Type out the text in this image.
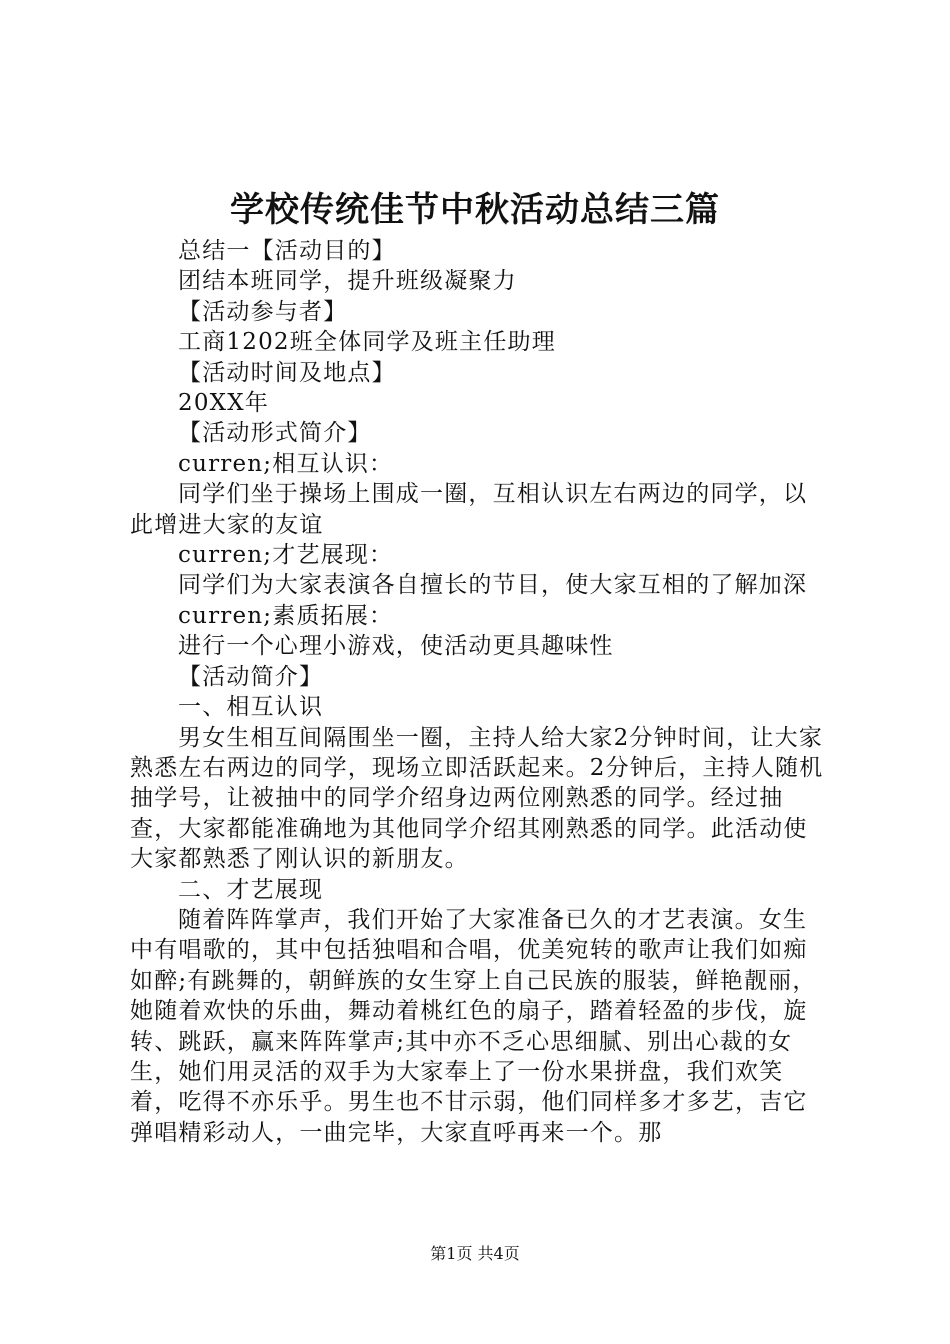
学校传统佳节中秋活动总结三篇

总结一【活动目的】

团结本班同学，提升班级凝聚力

【活动参与者】

工商1202班全体同学及班主任助理

【活动时间及地点】

20XX年

【活动形式简介】

curren;相互认识：

同学们坐于操场上围成一圈，互相认识左右两边的同学，以此增进大家的友谊

curren;才艺展现：

同学们为大家表演各自擅长的节目，使大家互相的了解加深

curren;素质拓展：

进行一个心理小游戏，使活动更具趣味性

【活动简介】

一、相互认识

男女生相互间隔围坐一圈，主持人给大家2分钟时间，让大家熟悉左右两边的同学，现场立即活跃起来。2分钟后，主持人随机抽学号，让被抽中的同学介绍身边两位刚熟悉的同学。经过抽查，大家都能准确地为其他同学介绍其刚熟悉的同学。此活动使大家都熟悉了刚认识的新朋友。

二、才艺展现

随着阵阵掌声，我们开始了大家准备已久的才艺表演。女生中有唱歌的，其中包括独唱和合唱，优美宛转的歌声让我们如痴如醉;有跳舞的，朝鲜族的女生穿上自己民族的服装，鲜艳靓丽，她随着欢快的乐曲，舞动着桃红色的扇子，踏着轻盈的步伐，旋转、跳跃，赢来阵阵掌声;其中亦不乏心思细腻、别出心裁的女生，她们用灵活的双手为大家奉上了一份水果拼盘，我们欢笑着，吃得不亦乐乎。男生也不甘示弱，他们同样多才多艺，吉它弹唱精彩动人，一曲完毕，大家直呼再来一个。那

第1页 共4页
